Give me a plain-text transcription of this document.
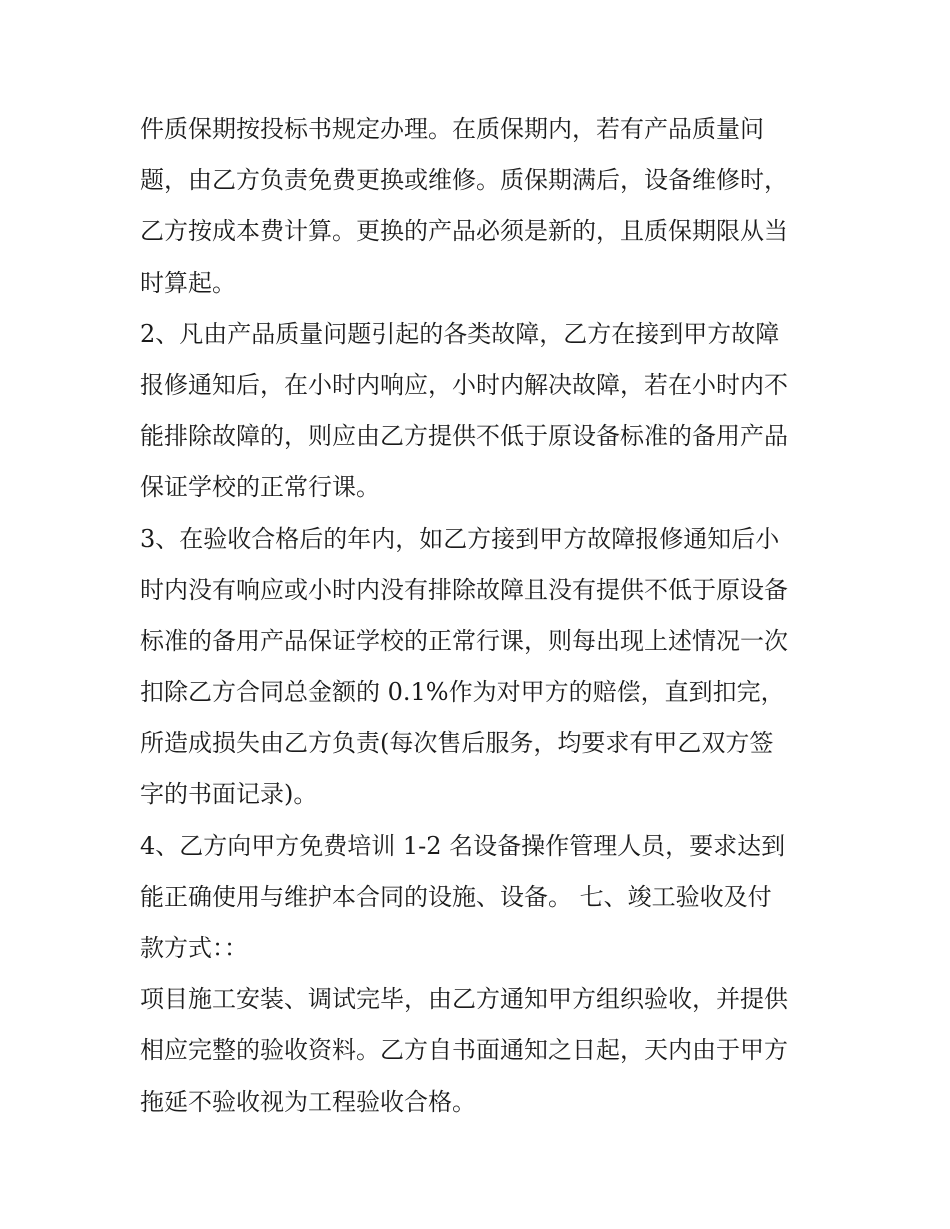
件质保期按投标书规定办理。在质保期内，若有产品质量问
题，由乙方负责免费更换或维修。质保期满后，设备维修时，
乙方按成本费计算。更换的产品必须是新的，且质保期限从当
时算起。
2、凡由产品质量问题引起的各类故障，乙方在接到甲方故障
报修通知后，在小时内响应，小时内解决故障，若在小时内不
能排除故障的，则应由乙方提供不低于原设备标准的备用产品
保证学校的正常行课。
3、在验收合格后的年内，如乙方接到甲方故障报修通知后小
时内没有响应或小时内没有排除故障且没有提供不低于原设备
标准的备用产品保证学校的正常行课，则每出现上述情况一次
扣除乙方合同总金额的 0.1%作为对甲方的赔偿，直到扣完，
所造成损失由乙方负责(每次售后服务，均要求有甲乙双方签
字的书面记录)。
4、乙方向甲方免费培训 1-2 名设备操作管理人员，要求达到
能正确使用与维护本合同的设施、设备。 七、竣工验收及付
款方式：：
项目施工安装、调试完毕，由乙方通知甲方组织验收，并提供
相应完整的验收资料。乙方自书面通知之日起，天内由于甲方
拖延不验收视为工程验收合格。
